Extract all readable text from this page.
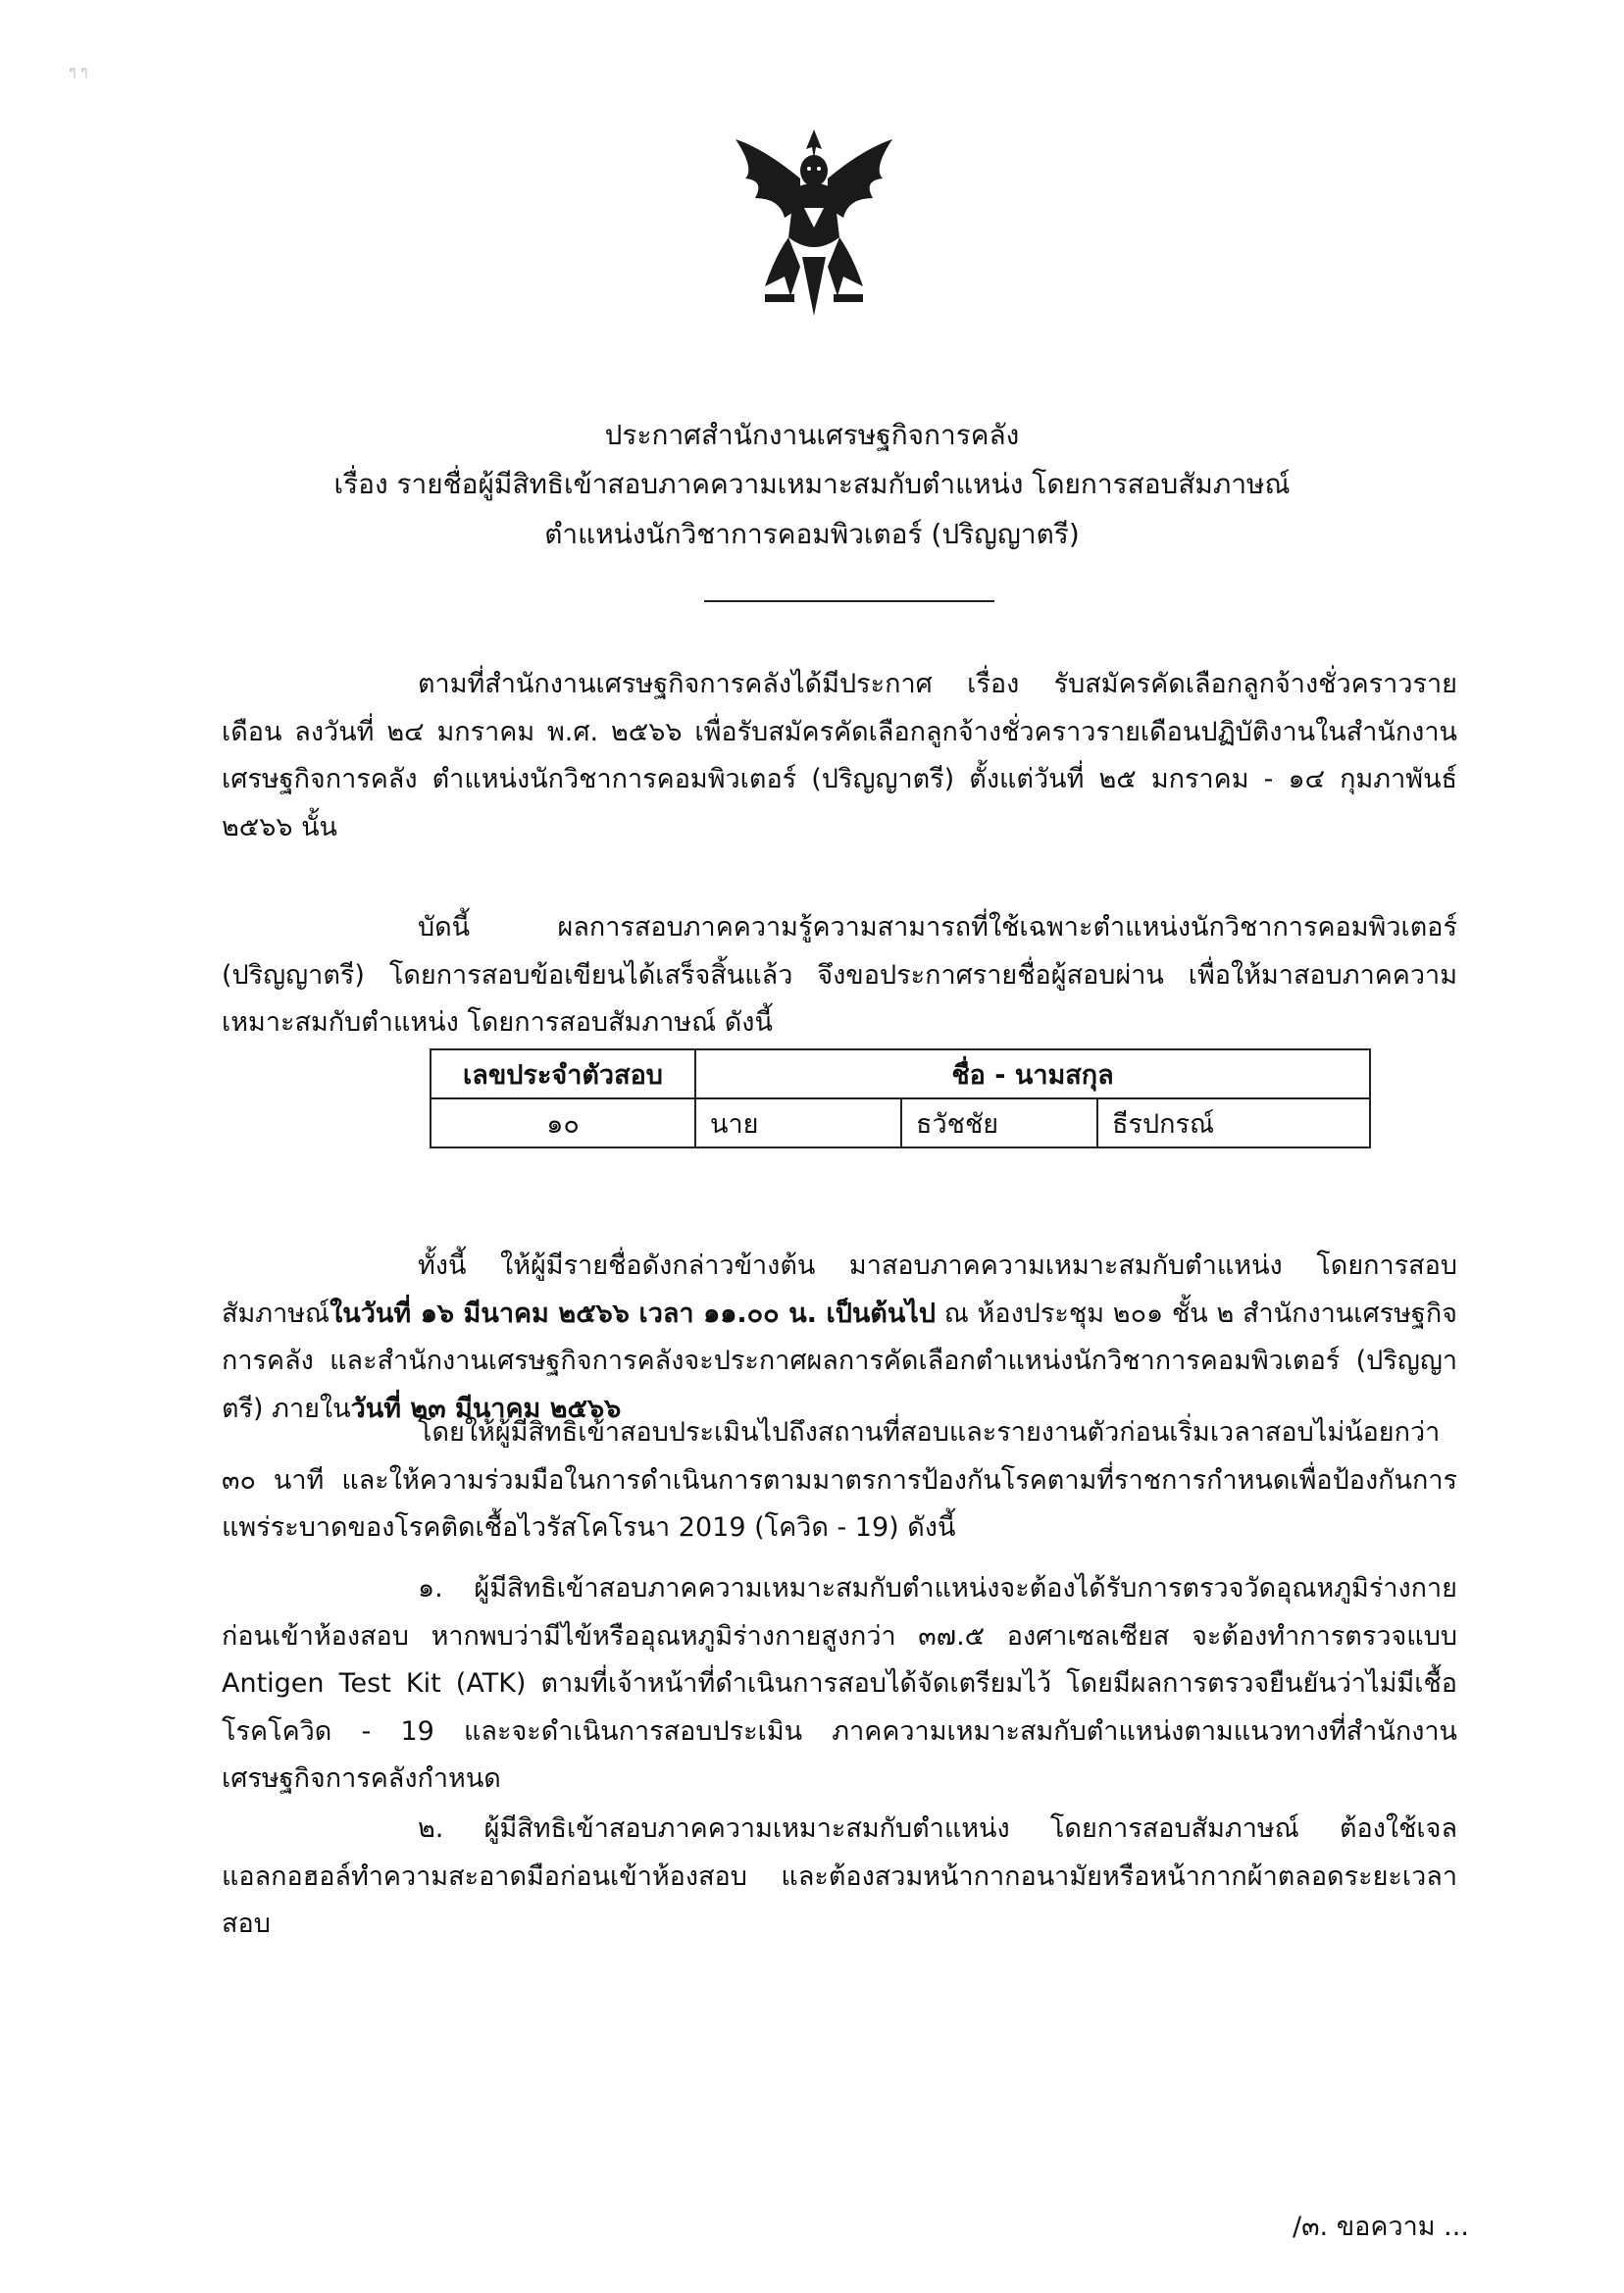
ๆ ๆ
ประกาศสำนักงานเศรษฐกิจการคลัง
เรื่อง รายชื่อผู้มีสิทธิเข้าสอบภาคความเหมาะสมกับตำแหน่ง โดยการสอบสัมภาษณ์
ตำแหน่งนักวิชาการคอมพิวเตอร์ (ปริญญาตรี)
ตามที่สำนักงานเศรษฐกิจการคลังได้มีประกาศ เรื่อง รับสมัครคัดเลือกลูกจ้างชั่วคราวรายเดือน ลงวันที่ ๒๔ มกราคม พ.ศ. ๒๕๖๖ เพื่อรับสมัครคัดเลือกลูกจ้างชั่วคราวรายเดือนปฏิบัติงานในสำนักงานเศรษฐกิจการคลัง ตำแหน่งนักวิชาการคอมพิวเตอร์ (ปริญญาตรี) ตั้งแต่วันที่ ๒๕ มกราคม - ๑๔ กุมภาพันธ์ ๒๕๖๖ นั้น
บัดนี้ ผลการสอบภาคความรู้ความสามารถที่ใช้เฉพาะตำแหน่งนักวิชาการคอมพิวเตอร์ (ปริญญาตรี) โดยการสอบข้อเขียนได้เสร็จสิ้นแล้ว จึงขอประกาศรายชื่อผู้สอบผ่าน เพื่อให้มาสอบภาคความเหมาะสมกับตำแหน่ง โดยการสอบสัมภาษณ์ ดังนี้
เลขประจำตัวสอบ	ชื่อ - นามสกุล		
๑๐	นาย	ธวัชชัย	ธีรปกรณ์
ทั้งนี้ ให้ผู้มีรายชื่อดังกล่าวข้างต้น มาสอบภาคความเหมาะสมกับตำแหน่ง โดยการสอบสัมภาษณ์ในวันที่ ๑๖ มีนาคม ๒๕๖๖ เวลา ๑๑.๐๐ น. เป็นต้นไป ณ ห้องประชุม ๒๐๑ ชั้น ๒ สำนักงานเศรษฐกิจการคลัง และสำนักงานเศรษฐกิจการคลังจะประกาศผลการคัดเลือกตำแหน่งนักวิชาการคอมพิวเตอร์ (ปริญญาตรี) ภายในวันที่ ๒๓ มีนาคม ๒๕๖๖
โดยให้ผู้มีสิทธิเข้าสอบประเมินไปถึงสถานที่สอบและรายงานตัวก่อนเริ่มเวลาสอบไม่น้อยกว่า ๓๐ นาที และให้ความร่วมมือในการดำเนินการตามมาตรการป้องกันโรคตามที่ราชการกำหนดเพื่อป้องกันการแพร่ระบาดของโรคติดเชื้อไวรัสโคโรนา 2019 (โควิด - 19) ดังนี้
๑. ผู้มีสิทธิเข้าสอบภาคความเหมาะสมกับตำแหน่งจะต้องได้รับการตรวจวัดอุณหภูมิร่างกายก่อนเข้าห้องสอบ หากพบว่ามีไข้หรืออุณหภูมิร่างกายสูงกว่า ๓๗.๕ องศาเซลเซียส จะต้องทำการตรวจแบบ Antigen Test Kit (ATK) ตามที่เจ้าหน้าที่ดำเนินการสอบได้จัดเตรียมไว้ โดยมีผลการตรวจยืนยันว่าไม่มีเชื้อโรคโควิด - 19 และจะดำเนินการสอบประเมิน ภาคความเหมาะสมกับตำแหน่งตามแนวทางที่สำนักงานเศรษฐกิจการคลังกำหนด
๒. ผู้มีสิทธิเข้าสอบภาคความเหมาะสมกับตำแหน่ง โดยการสอบสัมภาษณ์ ต้องใช้เจลแอลกอฮอล์ทำความสะอาดมือก่อนเข้าห้องสอบ และต้องสวมหน้ากากอนามัยหรือหน้ากากผ้าตลอดระยะเวลาสอบ
/๓. ขอความ ...
